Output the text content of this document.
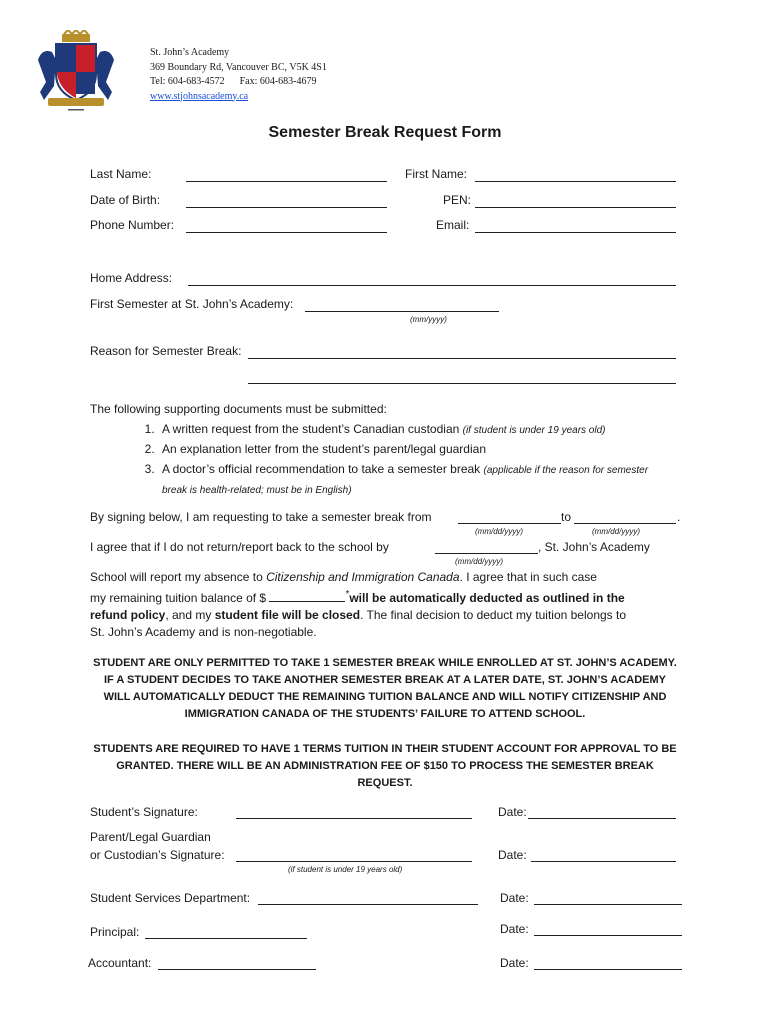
St. John’s Academy
369 Boundary Rd, Vancouver BC, V5K 4S1
Tel: 604-683-4572 Fax: 604-683-4679
www.stjohnsacademy.ca
Semester Break Request Form
Last Name:	First Name:
Date of Birth:	PEN:
Phone Number:	Email:
Home Address:
First Semester at St. John’s Academy:
(mm/yyyy)
Reason for Semester Break:
The following supporting documents must be submitted:
1. A written request from the student’s Canadian custodian (if student is under 19 years old)
2. An explanation letter from the student’s parent/legal guardian
3. A doctor’s official recommendation to take a semester break (applicable if the reason for semester break is health-related; must be in English)
By signing below, I am requesting to take a semester break from	to	.
(mm/dd/yyyy)	(mm/dd/yyyy)
I agree that if I do not return/report back to the school by	, St. John’s Academy
(mm/dd/yyyy)
School will report my absence to Citizenship and Immigration Canada. I agree that in such case
my remaining tuition balance of $	*will be automatically deducted as outlined in the
refund policy, and my student file will be closed. The final decision to deduct my tuition belongs to
St. John’s Academy and is non-negotiable.
STUDENT ARE ONLY PERMITTED TO TAKE 1 SEMESTER BREAK WHILE ENROLLED AT ST. JOHN’S ACADEMY. IF A STUDENT DECIDES TO TAKE ANOTHER SEMESTER BREAK AT A LATER DATE, ST. JOHN’S ACADEMY WILL AUTOMATICALLY DEDUCT THE REMAINING TUITION BALANCE AND WILL NOTIFY CITIZENSHIP AND IMMIGRATION CANADA OF THE STUDENTS’ FAILURE TO ATTEND SCHOOL.
STUDENTS ARE REQUIRED TO HAVE 1 TERMS TUITION IN THEIR STUDENT ACCOUNT FOR APPROVAL TO BE GRANTED. THERE WILL BE AN ADMINISTRATION FEE OF $150 TO PROCESS THE SEMESTER BREAK REQUEST.
Student’s Signature:	Date:
Parent/Legal Guardian
or Custodian’s Signature:
(if student is under 19 years old)
Date:
Student Services Department:	Date:
Principal:	Date:
Accountant:	Date:
